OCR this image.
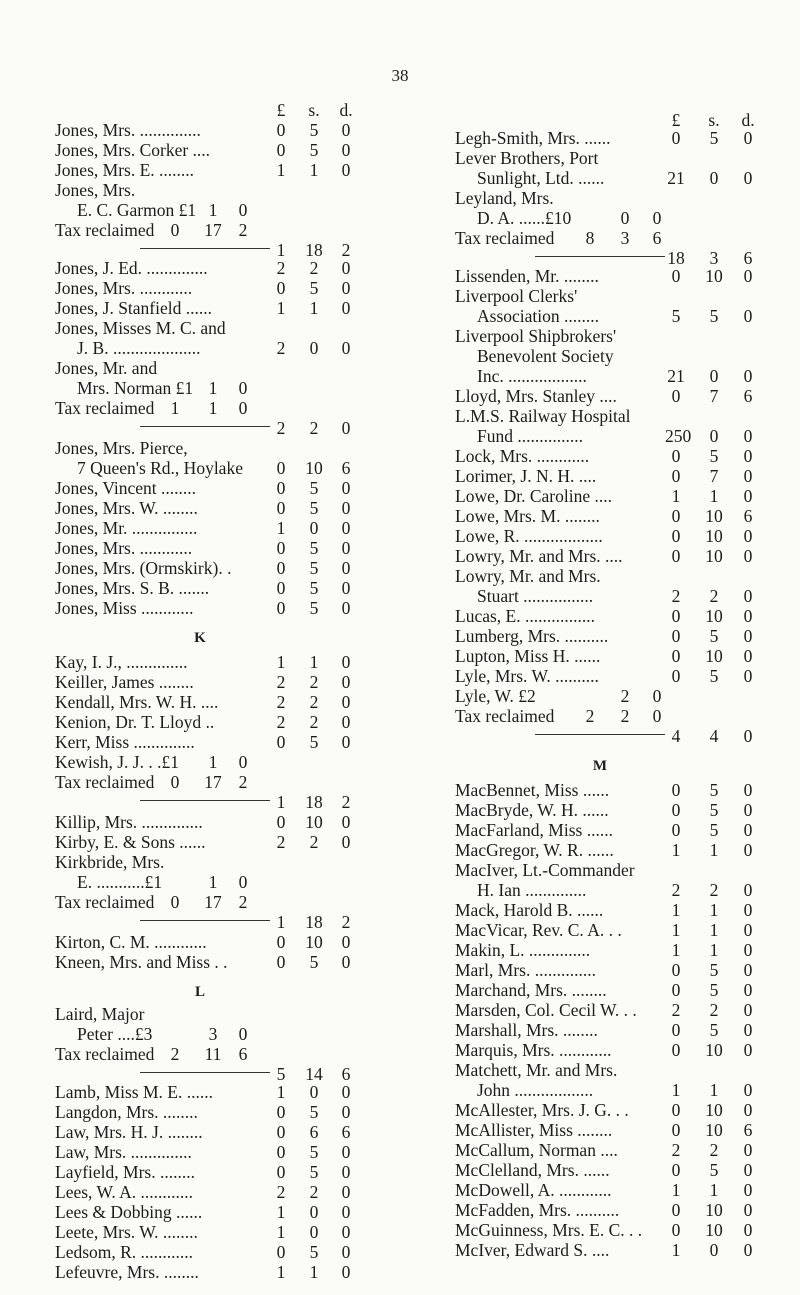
38
£	s.	d.
Jones, Mrs. ..............	0	5	0
Jones, Mrs. Corker ....	0	5	0
Jones, Mrs. E. ........	1	1	0
Jones, Mrs.
E. C. Garmon £1 1	0
Tax reclaimed 0	17 2
1	18	2
Jones, J. Ed. ..............	2	2	0
Jones, Mrs. ............	0	5	0
Jones, J. Stanfield ......	1	1	0
Jones, Misses M. C. and
J. B. ....................	2	0	0
Jones, Mr. and
Mrs. Norman £1 1	0
Tax reclaimed 1	1	0
2	2	0
Jones, Mrs. Pierce,
7 Queen's Rd., Hoylake	0	10	6
Jones, Vincent ........	0	5	0
Jones, Mrs. W. ........	0	5	0
Jones, Mr. ...............	1	0	0
Jones, Mrs. ............	0	5	0
Jones, Mrs. (Ormskirk). .	0	5	0
Jones, Mrs. S. B. .......	0	5	0
Jones, Miss ............	0	5	0
K
Kay, I. J., ..............	1	1	0
Keiller, James ........	2	2	0
Kendall, Mrs. W. H. ....	2	2	0
Kenion, Dr. T. Lloyd ..	2	2	0
Kerr, Miss ..............	0	5	0
Kewish, J. J. . .£1	1	0
Tax reclaimed 0	17 2
1	18	2
Killip, Mrs. ..............	0	10	0
Kirby, E. & Sons ......	2	2	0
Kirkbride, Mrs.
E. ...........£1	1	0
Tax reclaimed 0	17 2
1	18	2
Kirton, C. M. ............	0	10	0
Kneen, Mrs. and Miss . .	0	5	0
L
Laird, Major
Peter ....£3	3	0
Tax reclaimed 2	11 6
5	14	6
Lamb, Miss M. E. ......	1	0	0
Langdon, Mrs. ........	0	5	0
Law, Mrs. H. J. ........	0	6	6
Law, Mrs. ..............	0	5	0
Layfield, Mrs. ........	0	5	0
Lees, W. A. ............	2	2	0
Lees & Dobbing ......	1	0	0
Leete, Mrs. W. ........	1	0	0
Ledsom, R. ............	0	5	0
Lefeuvre, Mrs. ........	1	1	0
£	s.	d.
Legh-Smith, Mrs. ......	0	5	0
Lever Brothers, Port
Sunlight, Ltd. ......	21	0	0
Leyland, Mrs.
D. A. ......£10	0	0
Tax reclaimed	8	3	6
18	3	6
Lissenden, Mr. ........	0	10	0
Liverpool Clerks'
Association ........	5	5	0
Liverpool Shipbrokers'
Benevolent Society
Inc. ..................	21	0	0
Lloyd, Mrs. Stanley ....	0	7	6
L.M.S. Railway Hospital
Fund ...............	250	0	0
Lock, Mrs. ............	0	5	0
Lorimer, J. N. H. ....	0	7	0
Lowe, Dr. Caroline ....	1	1	0
Lowe, Mrs. M. ........	0	10	6
Lowe, R. ..................	0	10	0
Lowry, Mr. and Mrs. ....	0	10	0
Lowry, Mr. and Mrs.
Stuart ................	2	2	0
Lucas, E. ................	0	10	0
Lumberg, Mrs. ..........	0	5	0
Lupton, Miss H. ......	0	10	0
Lyle, Mrs. W. ..........	0	5	0
Lyle, W. £2	2	0
Tax reclaimed	2	2	0
4	4	0
M
MacBennet, Miss ......	0	5	0
MacBryde, W. H. ......	0	5	0
MacFarland, Miss ......	0	5	0
MacGregor, W. R. ......	1	1	0
MacIver, Lt.-Commander
H. Ian ..............	2	2	0
Mack, Harold B. ......	1	1	0
MacVicar, Rev. C. A. . .	1	1	0
Makin, L. ..............	1	1	0
Marl, Mrs. ..............	0	5	0
Marchand, Mrs. ........	0	5	0
Marsden, Col. Cecil W. . .	2	2	0
Marshall, Mrs. ........	0	5	0
Marquis, Mrs. ............	0	10	0
Matchett, Mr. and Mrs.
John ..................	1	1	0
McAllester, Mrs. J. G. . .	0	10	0
McAllister, Miss ........	0	10	6
McCallum, Norman ....	2	2	0
McClelland, Mrs. ......	0	5	0
McDowell, A. ............	1	1	0
McFadden, Mrs. ..........	0	10	0
McGuinness, Mrs. E. C. . .	0	10	0
McIver, Edward S. ....	1	0	0
